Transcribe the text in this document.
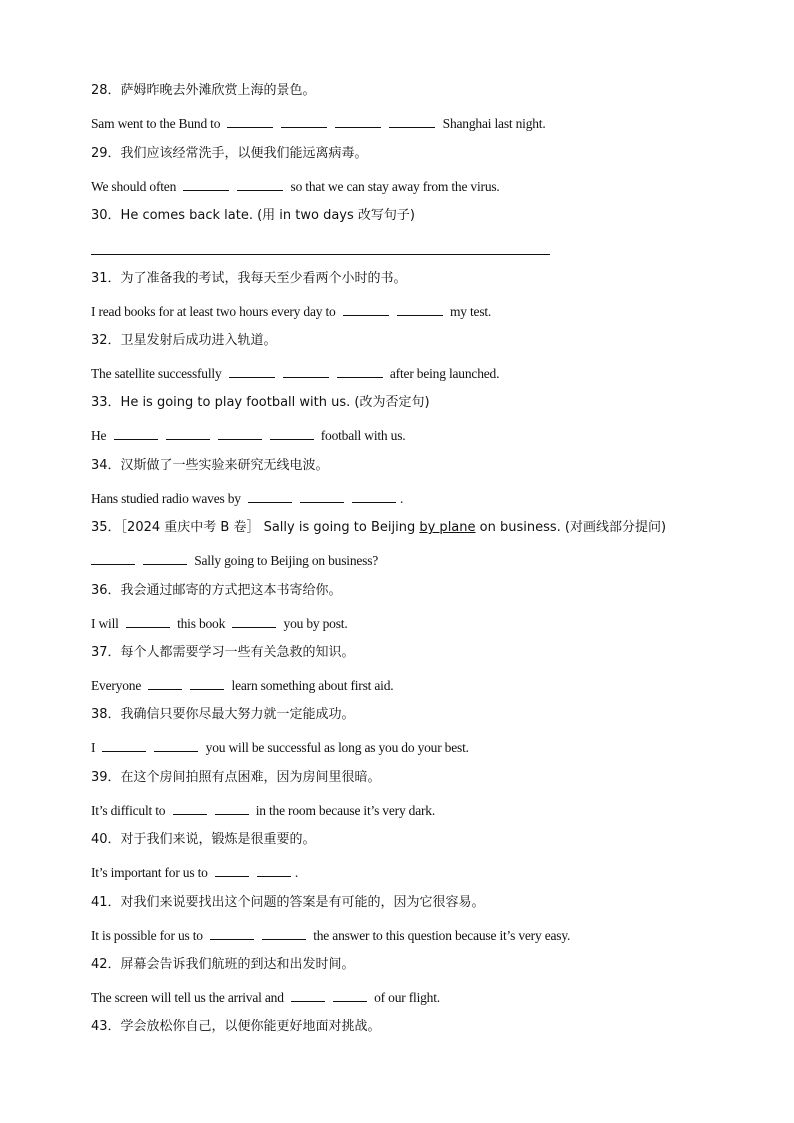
28．萨姆昨晚去外滩欣赏上海的景色。
Sam went to the Bund to	Shanghai last night.
29．我们应该经常洗手，以便我们能远离病毒。
We should often	so that we can stay away from the virus.
30．He comes back late. (用 in two days 改写句子)
31．为了准备我的考试，我每天至少看两个小时的书。
I read books for at least two hours every day to	my test.
32．卫星发射后成功进入轨道。
The satellite successfully	after being launched.
33．He is going to play football with us. (改为否定句)
He	football with us.
34．汉斯做了一些实验来研究无线电波。
Hans studied radio waves by	.
35．［2024 重庆中考 B 卷］ Sally is going to Beijing by plane on business. (对画线部分提问)
Sally going to Beijing on business?
36．我会通过邮寄的方式把这本书寄给你。
I will	this book	you by post.
37．每个人都需要学习一些有关急救的知识。
Everyone	learn something about first aid.
38．我确信只要你尽最大努力就一定能成功。
I	you will be successful as long as you do your best.
39．在这个房间拍照有点困难，因为房间里很暗。
It’s difficult to	in the room because it’s very dark.
40．对于我们来说，锻炼是很重要的。
It’s important for us to	.
41．对我们来说要找出这个问题的答案是有可能的，因为它很容易。
It is possible for us to	the answer to this question because it’s very easy.
42．屏幕会告诉我们航班的到达和出发时间。
The screen will tell us the arrival and	of our flight.
43．学会放松你自己，以便你能更好地面对挑战。
